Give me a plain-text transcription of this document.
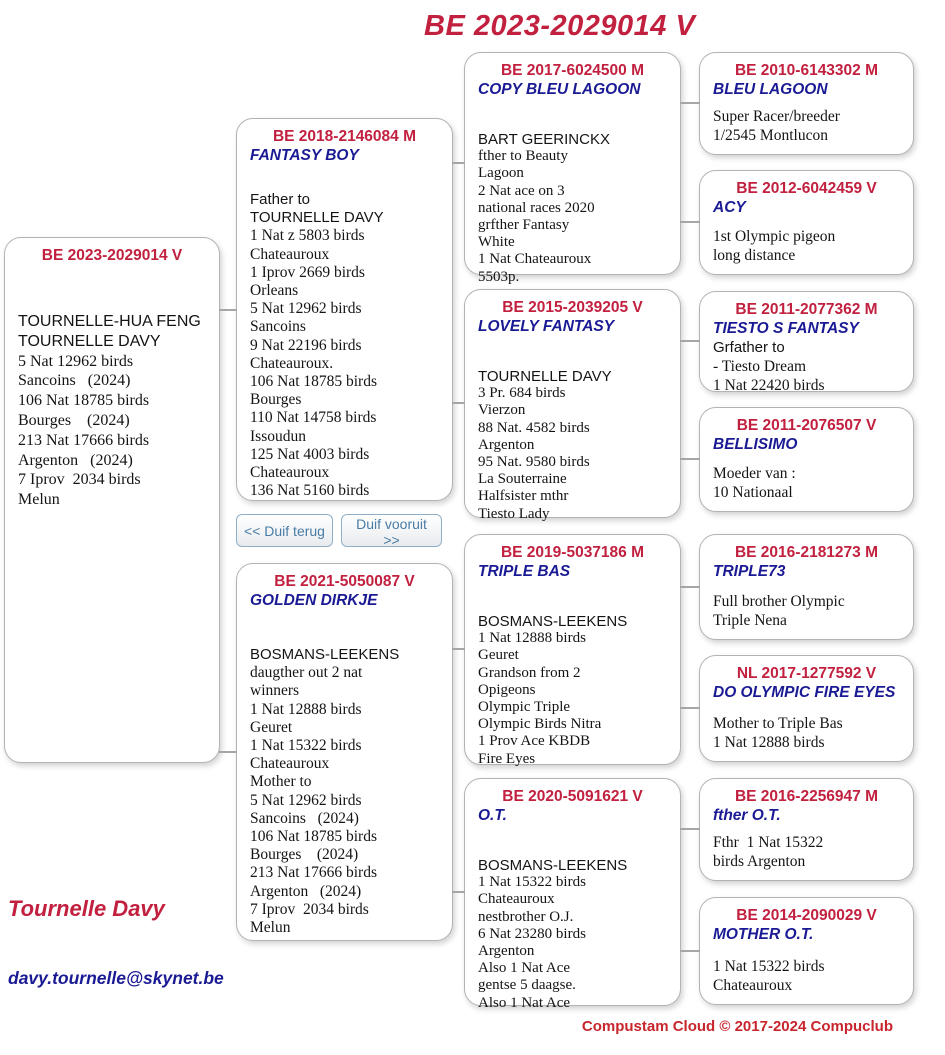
BE 2023-2029014 V
BE 2023-2029014 V
TOURNELLE-HUA FENG
TOURNELLE DAVY
5 Nat 12962 birds
Sancoins   (2024)
106 Nat 18785 birds
Bourges    (2024)
213 Nat 17666 birds
Argenton   (2024)
7 Iprov  2034 birds
Melun
BE 2018-2146084 M
FANTASY BOY
Father to
TOURNELLE DAVY
1 Nat z 5803 birds
Chateauroux
1 Iprov 2669 birds
Orleans
5 Nat 12962 birds
Sancoins
9 Nat 22196 birds
Chateauroux.
106 Nat 18785 birds
Bourges
110 Nat 14758 birds
Issoudun
125 Nat 4003 birds
Chateauroux
136 Nat 5160 birds
<< Duif terug	Duif vooruit >>
BE 2021-5050087 V
GOLDEN DIRKJE
BOSMANS-LEEKENS
daugther out 2 nat
winners
1 Nat 12888 birds
Geuret
1 Nat 15322 birds
Chateauroux
Mother to
5 Nat 12962 birds
Sancoins   (2024)
106 Nat 18785 birds
Bourges    (2024)
213 Nat 17666 birds
Argenton   (2024)
7 Iprov  2034 birds
Melun
BE 2017-6024500 M
COPY BLEU LAGOON
BART GEERINCKX
fther to Beauty
Lagoon
2 Nat ace on 3
national races 2020
grfther Fantasy
White
1 Nat Chateauroux
5503p.
BE 2015-2039205 V
LOVELY FANTASY
TOURNELLE DAVY
3 Pr. 684 birds
Vierzon
88 Nat. 4582 birds
Argenton
95 Nat. 9580 birds
La Souterraine
Halfsister mthr
Tiesto Lady
BE 2019-5037186 M
TRIPLE BAS
BOSMANS-LEEKENS
1 Nat 12888 birds
Geuret
Grandson from 2
Opigeons
Olympic Triple
Olympic Birds Nitra
1 Prov Ace KBDB
Fire Eyes
BE 2020-5091621 V
O.T.
BOSMANS-LEEKENS
1 Nat 15322 birds
Chateauroux
nestbrother O.J.
6 Nat 23280 birds
Argenton
Also 1 Nat Ace
gentse 5 daagse.
Also 1 Nat Ace
BE 2010-6143302 M
BLEU LAGOON
Super Racer/breeder
1/2545 Montlucon
BE 2012-6042459 V
ACY
1st Olympic pigeon
long distance
BE 2011-2077362 M
TIESTO S FANTASY
Grfather to
- Tiesto Dream
1 Nat 22420 birds
BE 2011-2076507 V
BELLISIMO
Moeder van :
10 Nationaal
BE 2016-2181273 M
TRIPLE73
Full brother Olympic
Triple Nena
NL 2017-1277592 V
DO OLYMPIC FIRE EYES
Mother to Triple Bas
1 Nat 12888 birds
BE 2016-2256947 M
fther O.T.
Fthr  1 Nat 15322
birds Argenton
BE 2014-2090029 V
MOTHER O.T.
1 Nat 15322 birds
Chateauroux
Tournelle Davy
davy.tournelle@skynet.be
Compustam Cloud © 2017-2024 Compuclub
